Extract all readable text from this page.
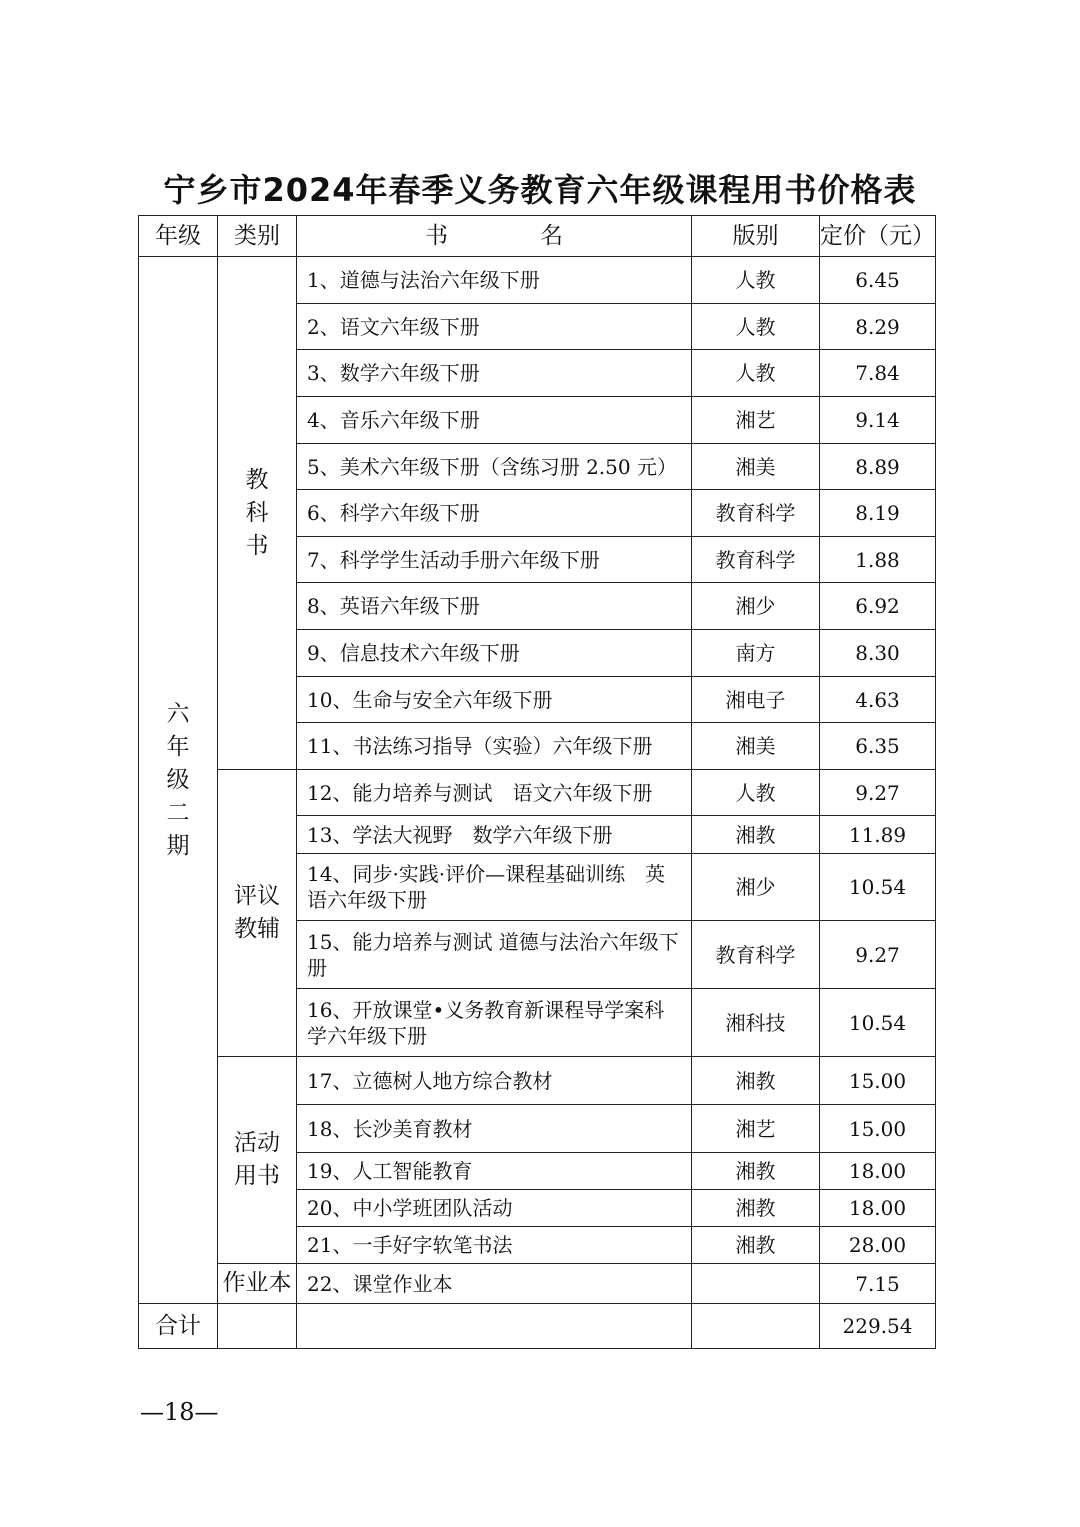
宁乡市2024年春季义务教育六年级课程用书价格表
年级	类别	书　　　　名	版别	定价（元）
六年级二期	教科书	1、道德与法治六年级下册	人教	6.45
		2、语文六年级下册	人教	8.29
		3、数学六年级下册	人教	7.84
		4、音乐六年级下册	湘艺	9.14
		5、美术六年级下册（含练习册 2.50 元）	湘美	8.89
		6、科学六年级下册	教育科学	8.19
		7、科学学生活动手册六年级下册	教育科学	1.88
		8、英语六年级下册	湘少	6.92
		9、信息技术六年级下册	南方	8.30
		10、生命与安全六年级下册	湘电子	4.63
		11、书法练习指导（实验）六年级下册	湘美	6.35
	评议教辅	12、能力培养与测试　语文六年级下册	人教	9.27
		13、学法大视野　数学六年级下册	湘教	11.89
		14、同步·实践·评价—课程基础训练　英语六年级下册	湘少	10.54
		15、能力培养与测试 道德与法治六年级下册	教育科学	9.27
		16、开放课堂•义务教育新课程导学案科学六年级下册	湘科技	10.54
	活动用书	17、立德树人地方综合教材	湘教	15.00
		18、长沙美育教材	湘艺	15.00
		19、人工智能教育	湘教	18.00
		20、中小学班团队活动	湘教	18.00
		21、一手好字软笔书法	湘教	28.00
	作业本	22、课堂作业本		7.15
合计				229.54
—18—
